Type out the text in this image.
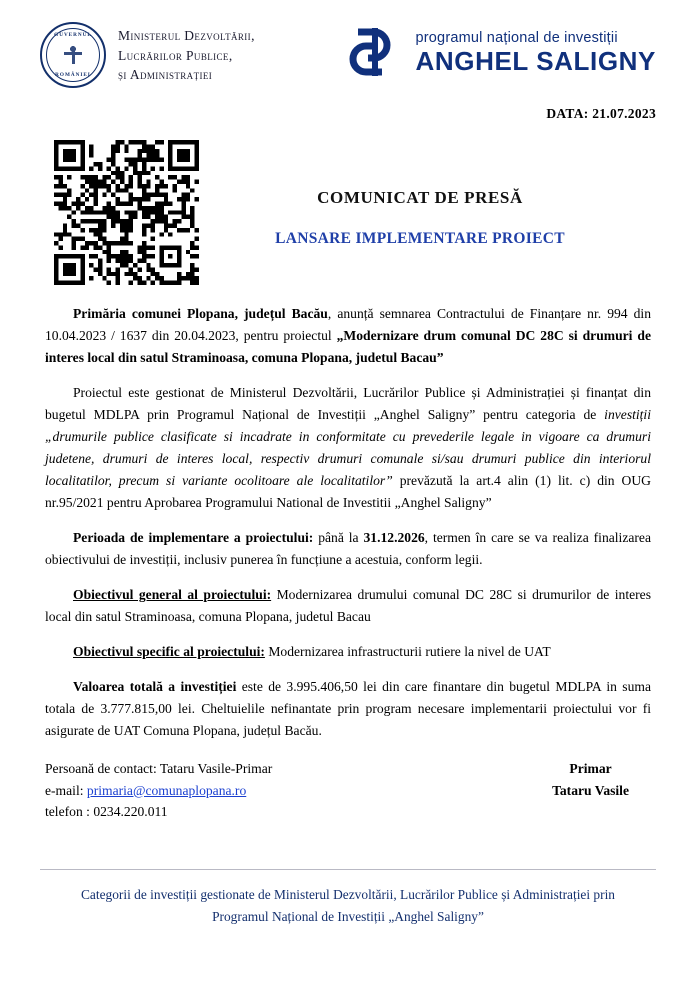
GUVERNUL
ROMÂNIEI
Ministerul Dezvoltării,
Lucrărilor Publice,
și Administrației
programul național de investiții
ANGHEL SALIGNY
DATA: 21.07.2023
COMUNICAT DE PRESĂ
LANSARE IMPLEMENTARE PROIECT

Primăria comunei Plopana, județul Bacău, anunță semnarea Contractului de Finanțare nr. 994 din 10.04.2023 / 1637 din 20.04.2023, pentru proiectul „Modernizare drum comunal DC 28C si drumuri de interes local din satul Straminoasa, comuna Plopana, judetul Bacau”

Proiectul este gestionat de Ministerul Dezvoltării, Lucrărilor Publice și Administrației și finanțat din bugetul MDLPA prin Programul Național de Investiții „Anghel Saligny” pentru categoria de investiții „drumurile publice clasificate si incadrate in conformitate cu prevederile legale in vigoare ca drumuri judetene, drumuri de interes local, respectiv drumuri comunale si/sau drumuri publice din interiorul localitatilor, precum si variante ocolitoare ale localitatilor” prevăzută la art.4 alin (1) lit. c) din OUG nr.95/2021 pentru Aprobarea Programului National de Investitii „Anghel Saligny”

Perioada de implementare a proiectului: până la 31.12.2026, termen în care se va realiza finalizarea obiectivului de investiții, inclusiv punerea în funcțiune a acestuia, conform legii.

Obiectivul general al proiectului: Modernizarea drumului comunal DC 28C si drumurilor de interes local din satul Straminoasa, comuna Plopana, judetul Bacau

Obiectivul specific al proiectului: Modernizarea infrastructurii rutiere la nivel de UAT

Valoarea totală a investiției este de 3.995.406,50 lei din care finantare din bugetul MDLPA in suma totala de 3.777.815,00 lei. Cheltuielile nefinantate prin program necesare implementarii proiectului vor fi asigurate de UAT Comuna Plopana, județul Bacău.

Persoană de contact: Tataru Vasile-Primar
e-mail: primaria@comunaplopana.ro
telefon : 0234.220.011
Primar
Tataru Vasile
Categorii de investiții gestionate de Ministerul Dezvoltării, Lucrărilor Publice și Administrației prin
Programul Național de Investiții „Anghel Saligny”
